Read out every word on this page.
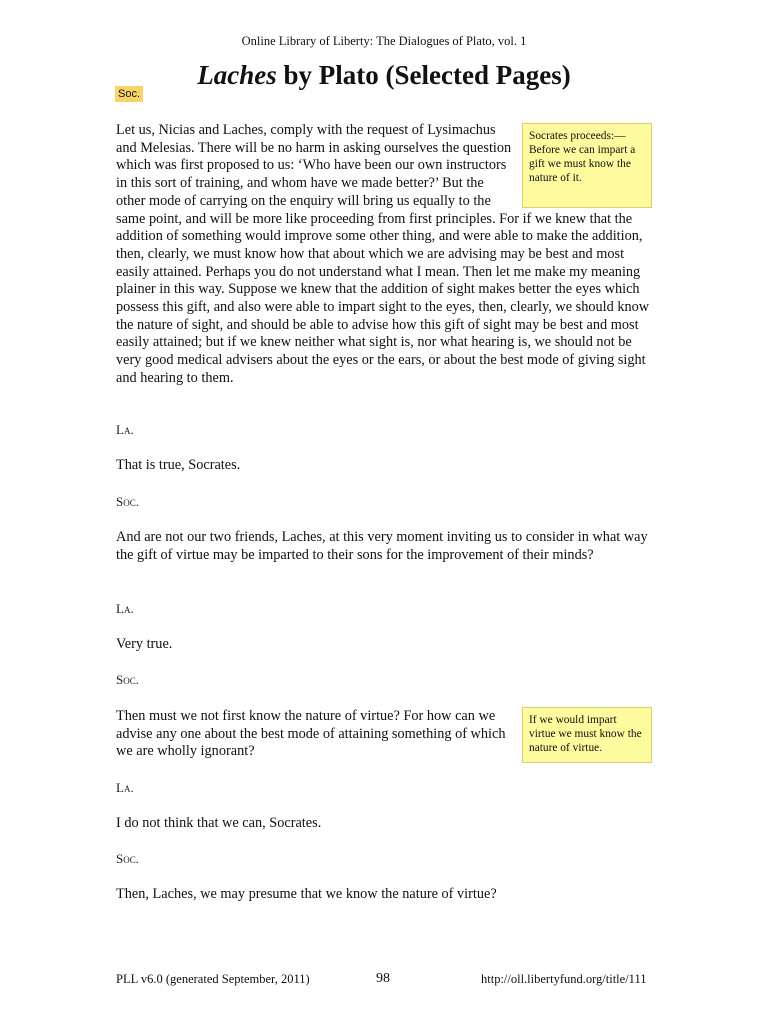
Online Library of Liberty: The Dialogues of Plato, vol. 1
Laches by Plato (Selected Pages)
Soc.
Socrates proceeds:—Before we can impart a gift we must know the nature of it.

Let us, Nicias and Laches, comply with the request of Lysimachus and Melesias. There will be no harm in asking ourselves the question which was first proposed to us: ‘Who have been our own instructors in this sort of training, and whom have we made better?’ But the other mode of carrying on the enquiry will bring us equally to the same point, and will be more like proceeding from first principles. For if we knew that the addition of something would improve some other thing, and were able to make the addition, then, clearly, we must know how that about which we are advising may be best and most easily attained. Perhaps you do not understand what I mean. Then let me make my meaning plainer in this way. Suppose we knew that the addition of sight makes better the eyes which possess this gift, and also were able to impart sight to the eyes, then, clearly, we should know the nature of sight, and should be able to advise how this gift of sight may be best and most easily attained; but if we knew neither what sight is, nor what hearing is, we should not be very good medical advisers about the eyes or the ears, or about the best mode of giving sight and hearing to them.

La.

That is true, Socrates.

Soc.

And are not our two friends, Laches, at this very moment inviting us to consider in what way the gift of virtue may be imparted to their sons for the improvement of their minds?

La.

Very true.

Soc.
If we would impart virtue we must know the nature of virtue.

Then must we not first know the nature of virtue? For how can we advise any one about the best mode of attaining something of which we are wholly ignorant?

La.

I do not think that we can, Socrates.

Soc.

Then, Laches, we may presume that we know the nature of virtue?

PLL v6.0 (generated September, 2011)	98	http://oll.libertyfund.org/title/111
